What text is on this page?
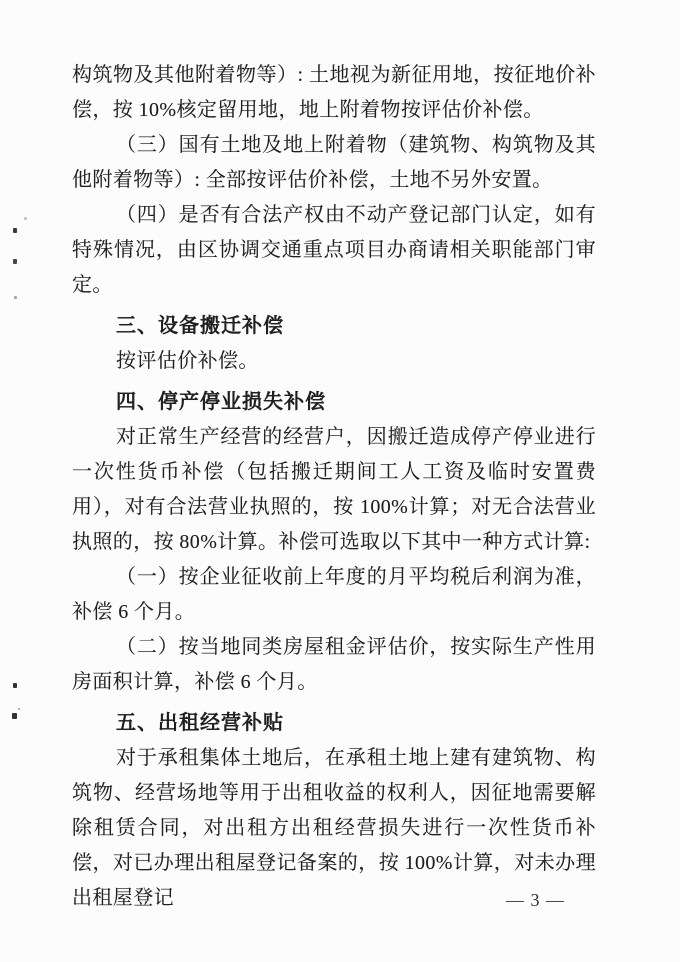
构筑物及其他附着物等）: 土地视为新征用地，按征地价补偿，按 10%核定留用地，地上附着物按评估价补偿。

（三）国有土地及地上附着物（建筑物、构筑物及其他附着物等）: 全部按评估价补偿，土地不另外安置。

（四）是否有合法产权由不动产登记部门认定，如有特殊情况，由区协调交通重点项目办商请相关职能部门审定。

三、设备搬迁补偿

按评估价补偿。

四、停产停业损失补偿

对正常生产经营的经营户，因搬迁造成停产停业进行一次性货币补偿（包括搬迁期间工人工资及临时安置费用），对有合法营业执照的，按 100%计算；对无合法营业执照的，按 80%计算。补偿可选取以下其中一种方式计算:

（一）按企业征收前上年度的月平均税后利润为准，补偿 6 个月。

（二）按当地同类房屋租金评估价，按实际生产性用房面积计算，补偿 6 个月。

五、出租经营补贴

对于承租集体土地后，在承租土地上建有建筑物、构筑物、经营场地等用于出租收益的权利人，因征地需要解除租赁合同，对出租方出租经营损失进行一次性货币补偿，对已办理出租屋登记备案的，按 100%计算，对未办理出租屋登记	— 3 —
